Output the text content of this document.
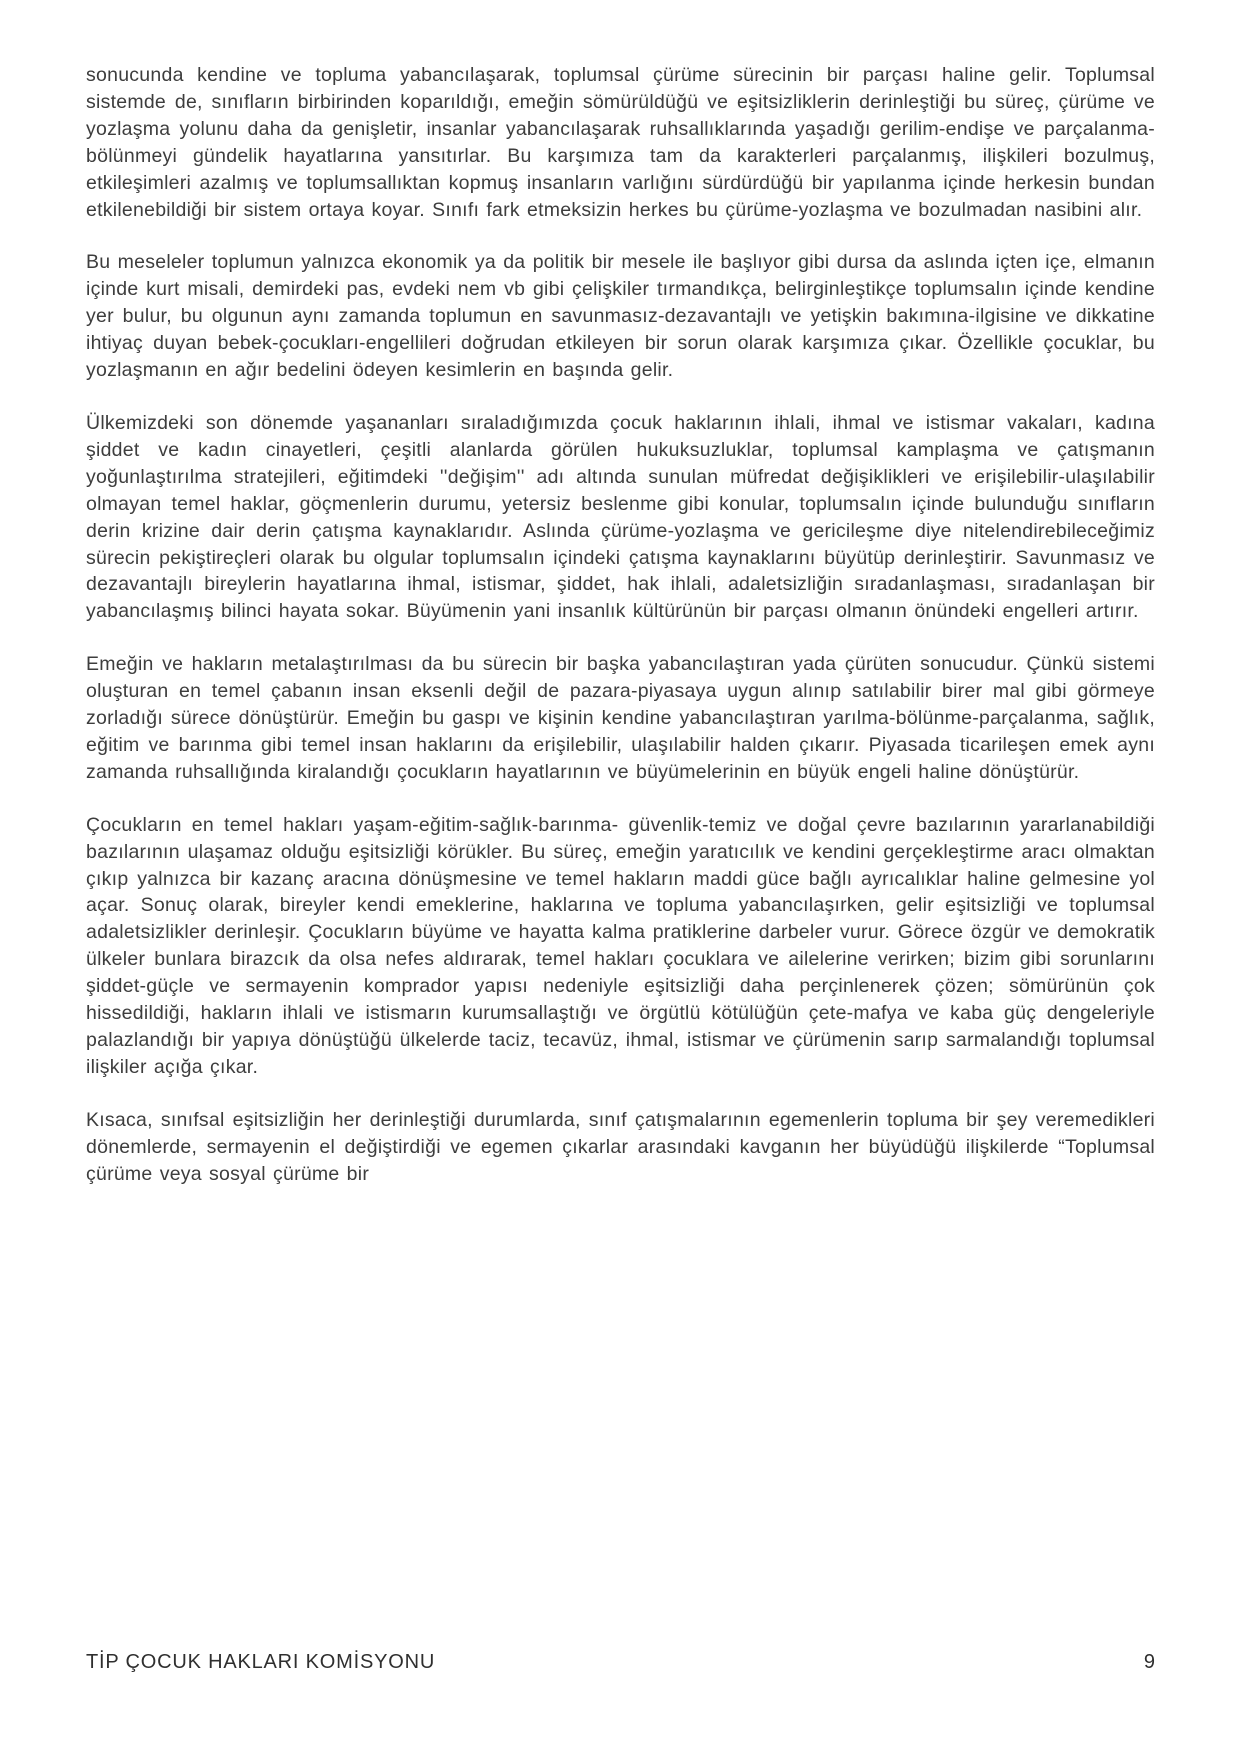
sonucunda kendine ve topluma yabancılaşarak, toplumsal çürüme sürecinin bir parçası haline gelir. Toplumsal sistemde de, sınıfların birbirinden koparıldığı, emeğin sömürüldüğü ve eşitsizliklerin derinleştiği bu süreç, çürüme ve yozlaşma yolunu daha da genişletir, insanlar yabancılaşarak ruhsallıklarında yaşadığı gerilim-endişe ve parçalanma-bölünmeyi gündelik hayatlarına yansıtırlar. Bu karşımıza tam da karakterleri parçalanmış, ilişkileri bozulmuş, etkileşimleri azalmış ve toplumsallıktan kopmuş insanların varlığını sürdürdüğü bir yapılanma içinde herkesin bundan etkilenebildiği bir sistem ortaya koyar. Sınıfı fark etmeksizin herkes bu çürüme-yozlaşma ve bozulmadan nasibini alır.

Bu meseleler toplumun yalnızca ekonomik ya da politik bir mesele ile başlıyor gibi dursa da aslında içten içe, elmanın içinde kurt misali, demirdeki pas, evdeki nem vb gibi çelişkiler tırmandıkça, belirginleştikçe toplumsalın içinde kendine yer bulur, bu olgunun aynı zamanda toplumun en savunmasız-dezavantajlı ve yetişkin bakımına-ilgisine ve dikkatine ihtiyaç duyan bebek-çocukları-engellileri doğrudan etkileyen bir sorun olarak karşımıza çıkar. Özellikle çocuklar, bu yozlaşmanın en ağır bedelini ödeyen kesimlerin en başında gelir.

Ülkemizdeki son dönemde yaşananları sıraladığımızda çocuk haklarının ihlali, ihmal ve istismar vakaları, kadına şiddet ve kadın cinayetleri, çeşitli alanlarda görülen hukuksuzluklar, toplumsal kamplaşma ve çatışmanın yoğunlaştırılma stratejileri, eğitimdeki ''değişim'' adı altında sunulan müfredat değişiklikleri ve erişilebilir-ulaşılabilir olmayan temel haklar, göçmenlerin durumu, yetersiz beslenme gibi konular, toplumsalın içinde bulunduğu sınıfların derin krizine dair derin çatışma kaynaklarıdır. Aslında çürüme-yozlaşma ve gericileşme diye nitelendirebileceğimiz sürecin pekiştireçleri olarak bu olgular toplumsalın içindeki çatışma kaynaklarını büyütüp derinleştirir. Savunmasız ve dezavantajlı bireylerin hayatlarına ihmal, istismar, şiddet, hak ihlali, adaletsizliğin sıradanlaşması, sıradanlaşan bir yabancılaşmış bilinci hayata sokar. Büyümenin yani insanlık kültürünün bir parçası olmanın önündeki engelleri artırır.

Emeğin ve hakların metalaştırılması da bu sürecin bir başka yabancılaştıran yada çürüten sonucudur. Çünkü sistemi oluşturan en temel çabanın insan eksenli değil de pazara-piyasaya uygun alınıp satılabilir birer mal gibi görmeye zorladığı sürece dönüştürür. Emeğin bu gaspı ve kişinin kendine yabancılaştıran yarılma-bölünme-parçalanma, sağlık, eğitim ve barınma gibi temel insan haklarını da erişilebilir, ulaşılabilir halden çıkarır. Piyasada ticarileşen emek aynı zamanda ruhsallığında kiralandığı çocukların hayatlarının ve büyümelerinin en büyük engeli haline dönüştürür.

Çocukların en temel hakları yaşam-eğitim-sağlık-barınma- güvenlik-temiz ve doğal çevre bazılarının yararlanabildiği bazılarının ulaşamaz olduğu eşitsizliği körükler. Bu süreç, emeğin yaratıcılık ve kendini gerçekleştirme aracı olmaktan çıkıp yalnızca bir kazanç aracına dönüşmesine ve temel hakların maddi güce bağlı ayrıcalıklar haline gelmesine yol açar. Sonuç olarak, bireyler kendi emeklerine, haklarına ve topluma yabancılaşırken, gelir eşitsizliği ve toplumsal adaletsizlikler derinleşir. Çocukların büyüme ve hayatta kalma pratiklerine darbeler vurur. Görece özgür ve demokratik ülkeler bunlara birazcık da olsa nefes aldırarak, temel hakları çocuklara ve ailelerine verirken; bizim gibi sorunlarını şiddet-güçle ve sermayenin komprador yapısı nedeniyle eşitsizliği daha perçinlenerek çözen; sömürünün çok hissedildiği, hakların ihlali ve istismarın kurumsallaştığı ve örgütlü kötülüğün çete-mafya ve kaba güç dengeleriyle palazlandığı bir yapıya dönüştüğü ülkelerde taciz, tecavüz, ihmal, istismar ve çürümenin sarıp sarmalandığı toplumsal ilişkiler açığa çıkar.

Kısaca, sınıfsal eşitsizliğin her derinleştiği durumlarda, sınıf çatışmalarının egemenlerin topluma bir şey veremedikleri dönemlerde, sermayenin el değiştirdiği ve egemen çıkarlar arasındaki kavganın her büyüdüğü ilişkilerde “Toplumsal çürüme veya sosyal çürüme bir

TİP ÇOCUK HAKLARI KOMİSYONU	9
